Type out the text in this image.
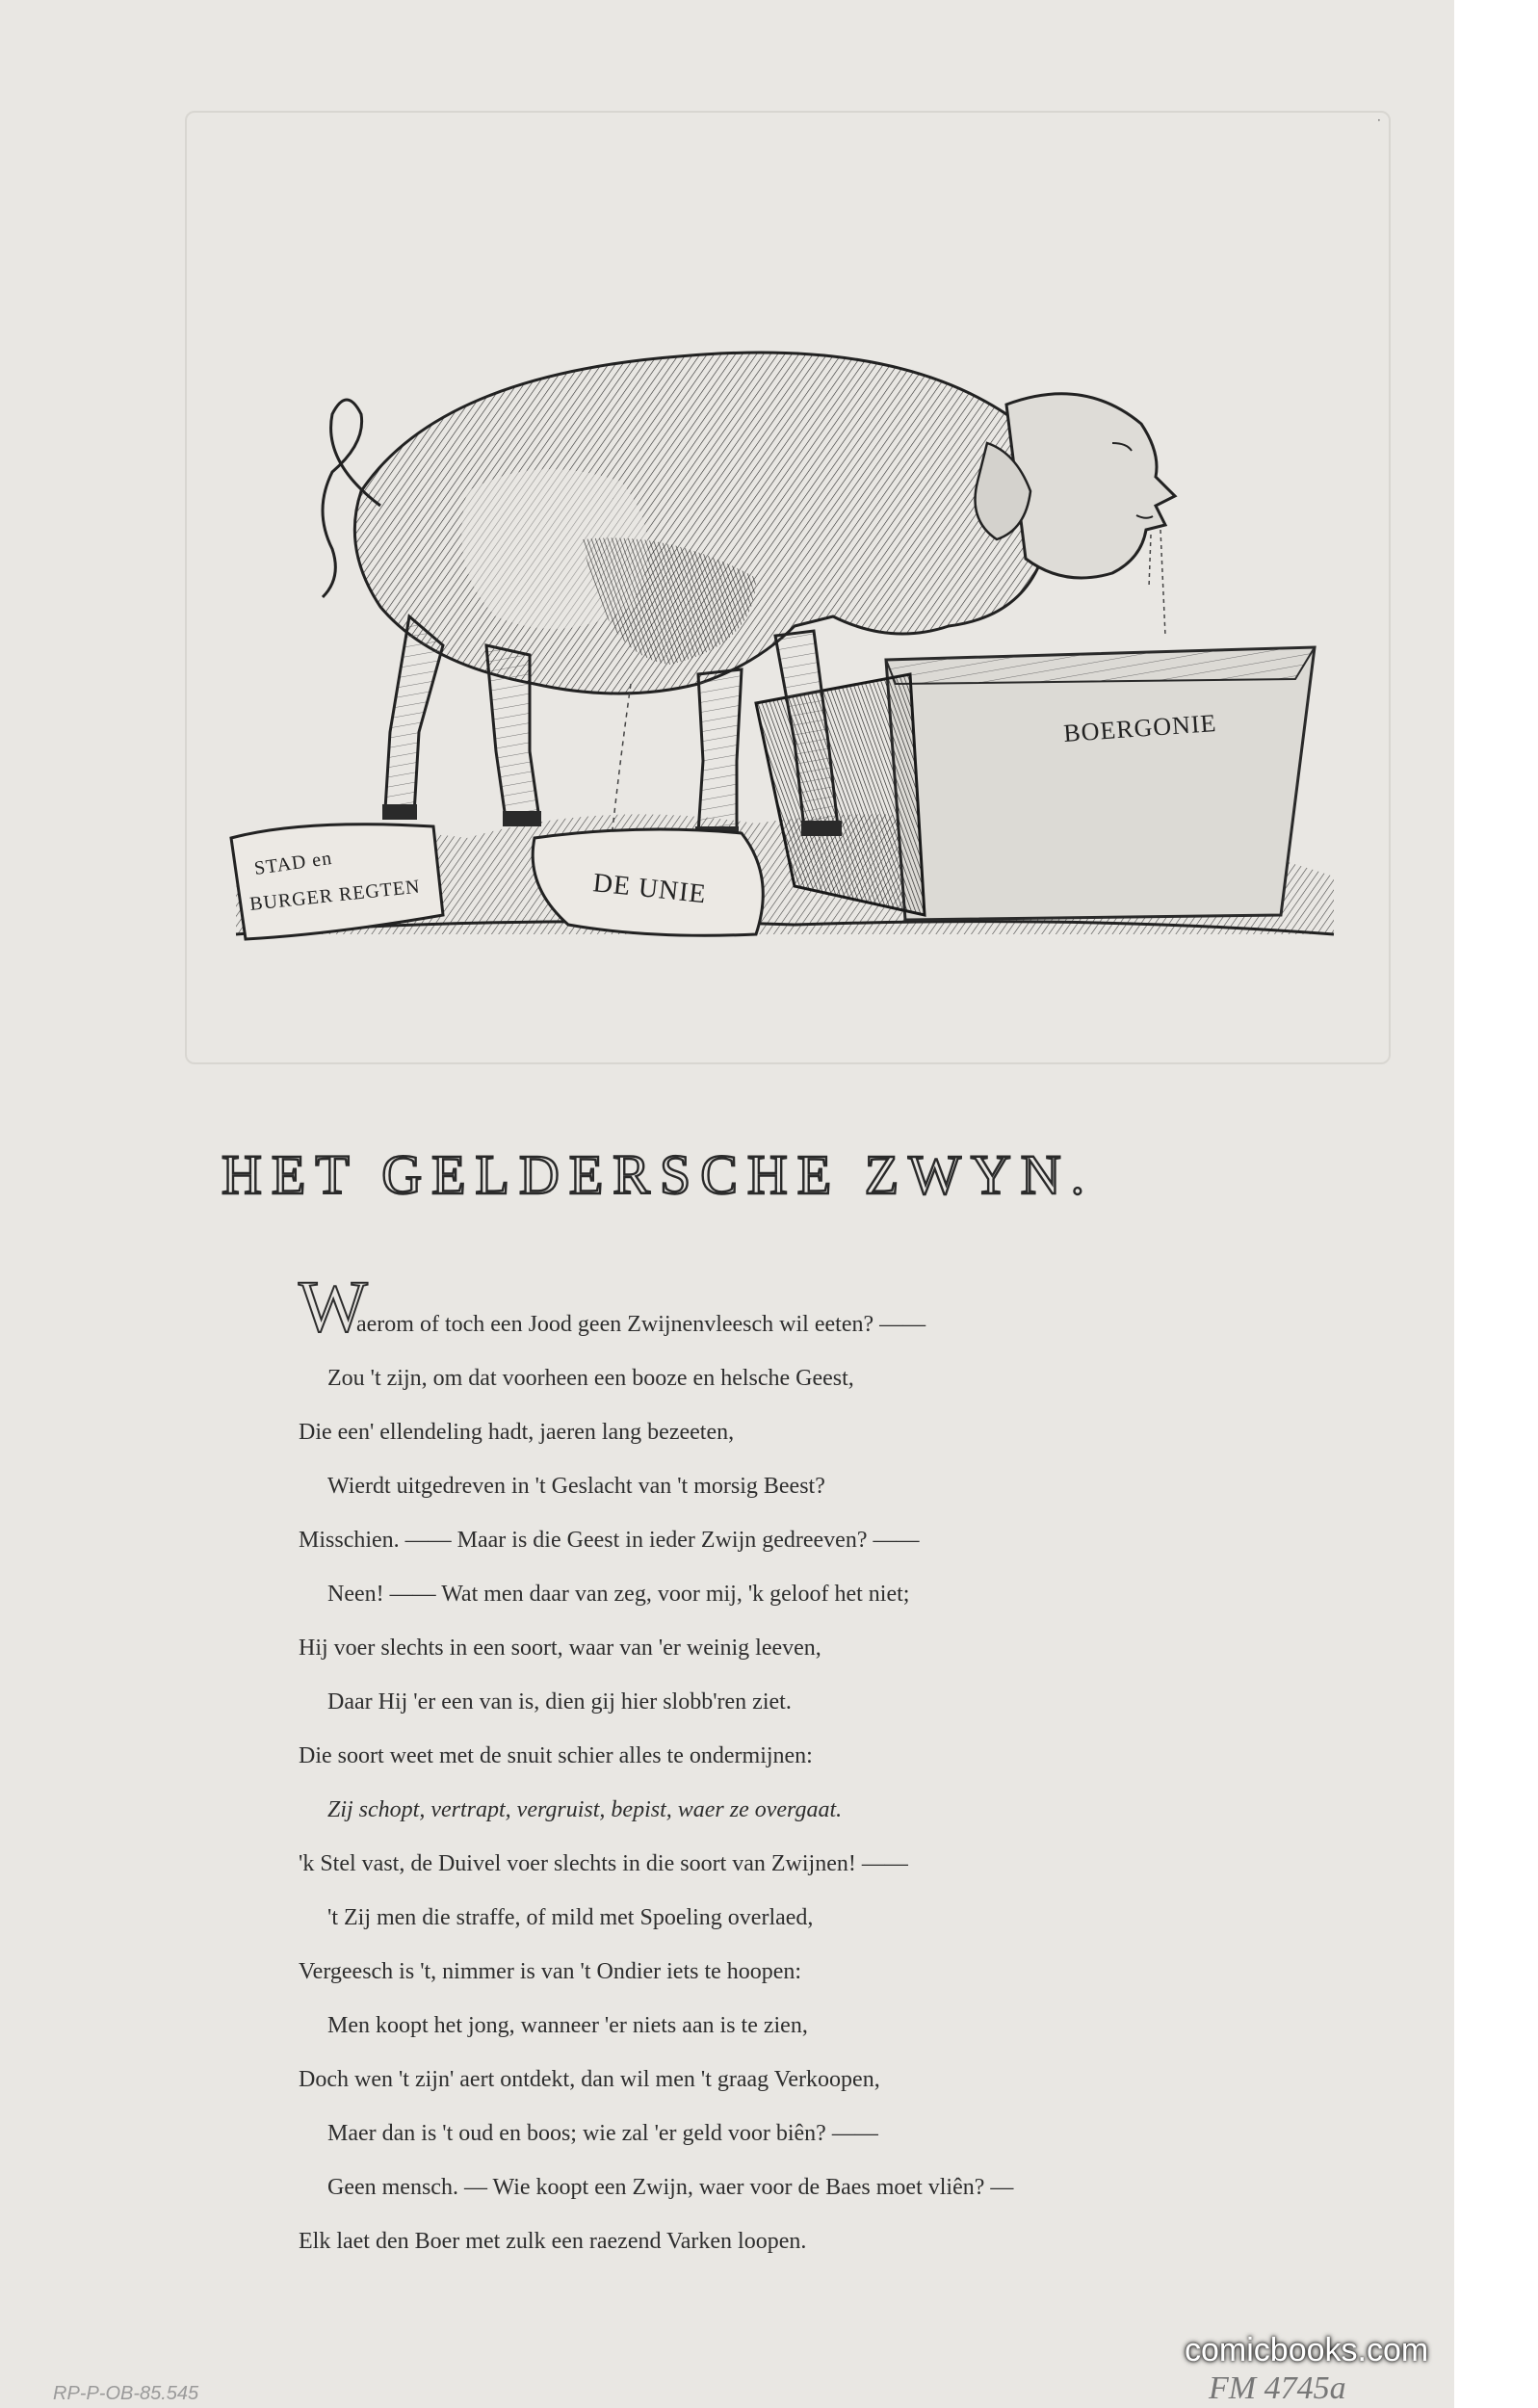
BOERGONIE
STAD en
BURGER REGTEN	DE UNIE
·
HET GELDERSCHE ZWYN.
W
aerom of toch een Jood geen Zwijnenvleesch wil eeten? ——
Zou 't zijn, om dat voorheen een booze en helsche Geest,
Die een' ellendeling hadt, jaeren lang bezeeten,
Wierdt uitgedreven in 't Geslacht van 't morsig Beest?
Misschien. —— Maar is die Geest in ieder Zwijn gedreeven? ——
Neen! —— Wat men daar van zeg, voor mij, 'k geloof het niet;
Hij voer slechts in een soort, waar van 'er weinig leeven,
Daar Hij 'er een van is, dien gij hier slobb'ren ziet.
Die soort weet met de snuit schier alles te ondermijnen:
Zij schopt, vertrapt, vergruist, bepist, waer ze overgaat.
'k Stel vast, de Duivel voer slechts in die soort van Zwijnen! ——
't Zij men die straffe, of mild met Spoeling overlaed,
Vergeesch is 't, nimmer is van 't Ondier iets te hoopen:
Men koopt het jong, wanneer 'er niets aan is te zien,
Doch wen 't zijn' aert ontdekt, dan wil men 't graag Verkoopen,
Maer dan is 't oud en boos; wie zal 'er geld voor biên? ——
Geen mensch. — Wie koopt een Zwijn, waer voor de Baes moet vliên? —
Elk laet den Boer met zulk een raezend Varken loopen.
comicbooks.com
RP-P-OB-85.545	FM 4745a
